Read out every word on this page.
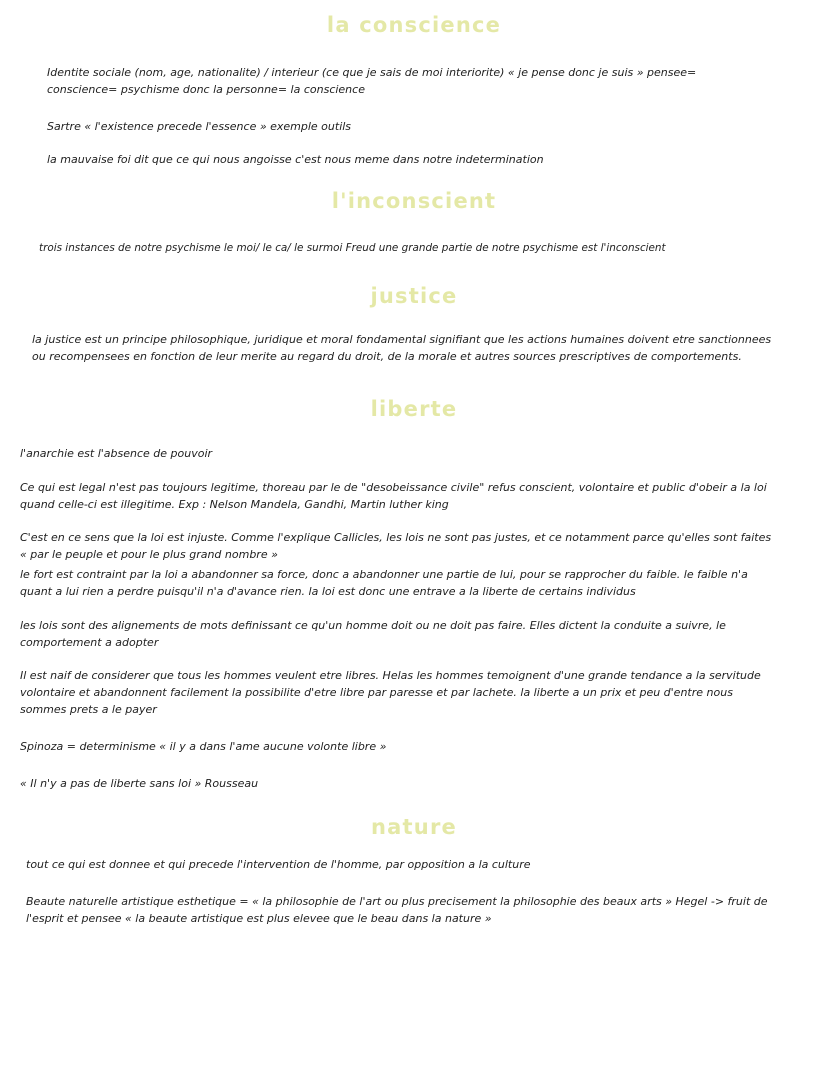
la conscience

Identite sociale (nom, age, nationalite) / interieur (ce que je sais de moi interiorite) « je pense donc je suis » pensee= conscience= psychisme donc la personne= la conscience

Sartre « l'existence precede l'essence » exemple outils

la mauvaise foi dit que ce qui nous angoisse c'est nous meme dans notre indetermination

l'inconscient

trois instances de notre psychisme le moi/ le ca/ le surmoi Freud une grande partie de notre psychisme est l'inconscient

justice

la justice est un principe philosophique, juridique et moral fondamental signifiant que les actions humaines doivent etre sanctionnees ou recompensees en fonction de leur merite au regard du droit, de la morale et autres sources prescriptives de comportements.

liberte

l'anarchie est l'absence de pouvoir

Ce qui est legal n'est pas toujours legitime, thoreau par le de "desobeissance civile" refus conscient, volontaire et public d'obeir a la loi quand celle-ci est illegitime. Exp : Nelson Mandela, Gandhi, Martin luther king

C'est en ce sens que la loi est injuste. Comme l'explique Callicles, les lois ne sont pas justes, et ce notamment parce qu'elles sont faites « par le peuple et pour le plus grand nombre »

le fort est contraint par la loi a abandonner sa force, donc a abandonner une partie de lui, pour se rapprocher du faible. le faible n'a quant a lui rien a perdre puisqu'il n'a d'avance rien. la loi est donc une entrave a la liberte de certains individus

les lois sont des alignements de mots definissant ce qu'un homme doit ou ne doit pas faire. Elles dictent la conduite a suivre, le comportement a adopter

Il est naif de considerer que tous les hommes veulent etre libres. Helas les hommes temoignent d'une grande tendance a la servitude volontaire et abandonnent facilement la possibilite d'etre libre par paresse et par lachete. la liberte a un prix et peu d'entre nous sommes prets a le payer

Spinoza = determinisme « il y a dans l'ame aucune volonte libre »

« Il n'y a pas de liberte sans loi » Rousseau

nature

tout ce qui est donnee et qui precede l'intervention de l'homme, par opposition a la culture

Beaute naturelle artistique esthetique = « la philosophie de l'art ou plus precisement la philosophie des beaux arts » Hegel -> fruit de l'esprit et pensee « la beaute artistique est plus elevee que le beau dans la nature »
